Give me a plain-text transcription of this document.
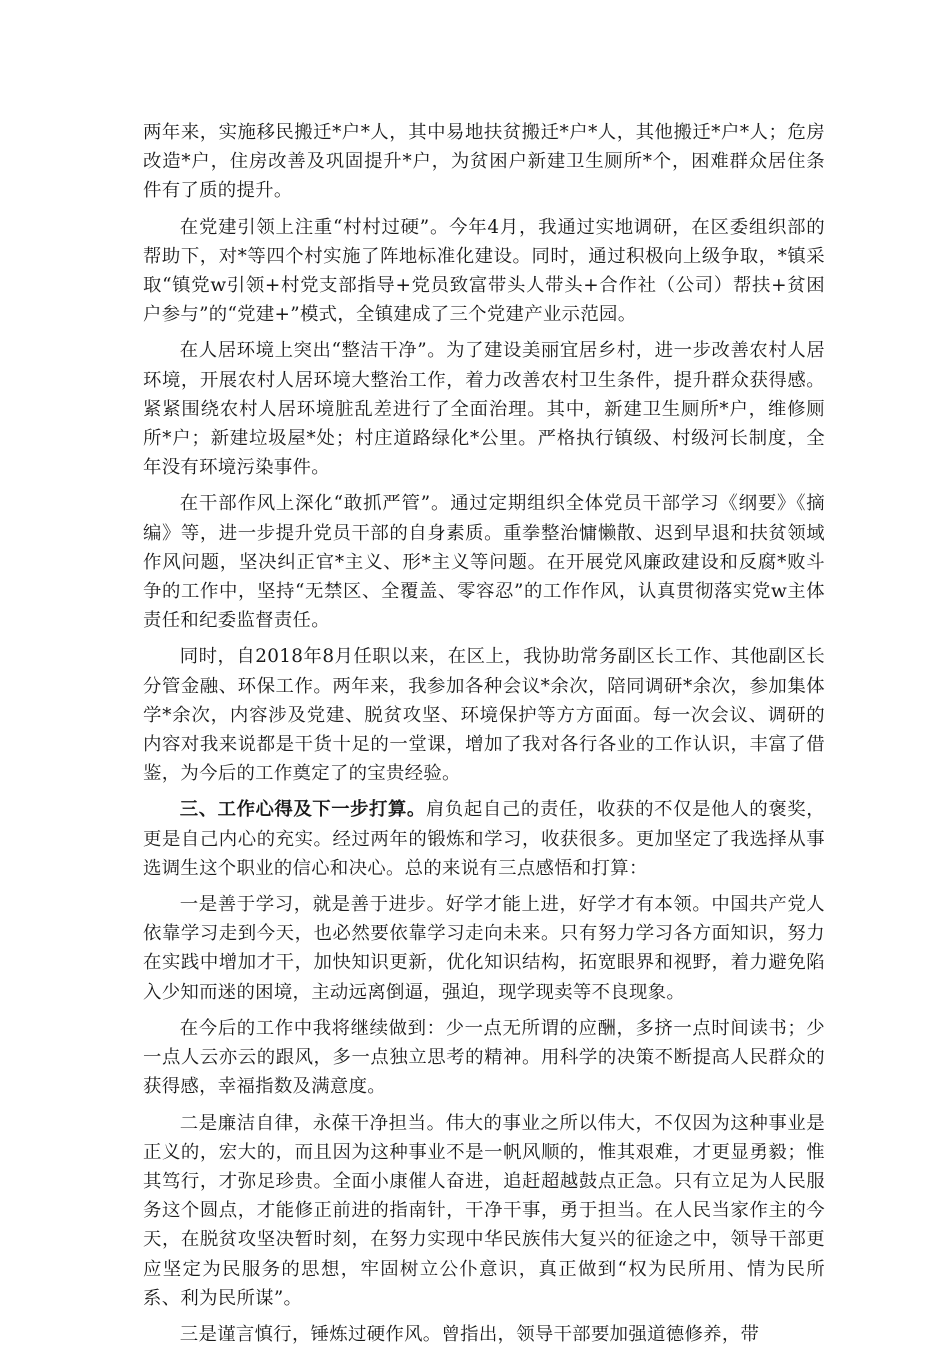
两年来，实施移民搬迁*户*人，其中易地扶贫搬迁*户*人，其他搬迁*户*人；危房改造*户，住房改善及巩固提升*户，为贫困户新建卫生厕所*个，困难群众居住条件有了质的提升。

在党建引领上注重“村村过硬”。今年4月，我通过实地调研，在区委组织部的帮助下，对*等四个村实施了阵地标准化建设。同时，通过积极向上级争取，*镇采取“镇党w引领+村党支部指导+党员致富带头人带头+合作社（公司）帮扶+贫困户参与”的“党建+”模式，全镇建成了三个党建产业示范园。

在人居环境上突出“整洁干净”。为了建设美丽宜居乡村，进一步改善农村人居环境，开展农村人居环境大整治工作，着力改善农村卫生条件，提升群众获得感。紧紧围绕农村人居环境脏乱差进行了全面治理。其中，新建卫生厕所*户，维修厕所*户；新建垃圾屋*处；村庄道路绿化*公里。严格执行镇级、村级河长制度，全年没有环境污染事件。

在干部作风上深化“敢抓严管”。通过定期组织全体党员干部学习《纲要》《摘编》等，进一步提升党员干部的自身素质。重拳整治慵懒散、迟到早退和扶贫领域作风问题，坚决纠正官*主义、形*主义等问题。在开展党风廉政建设和反腐*败斗争的工作中，坚持“无禁区、全覆盖、零容忍”的工作作风，认真贯彻落实党w主体责任和纪委监督责任。

同时，自2018年8月任职以来，在区上，我协助常务副区长工作、其他副区长分管金融、环保工作。两年来，我参加各种会议*余次，陪同调研*余次，参加集体学*余次，内容涉及党建、脱贫攻坚、环境保护等方方面面。每一次会议、调研的内容对我来说都是干货十足的一堂课，增加了我对各行各业的工作认识，丰富了借鉴，为今后的工作奠定了的宝贵经验。

三、工作心得及下一步打算。肩负起自己的责任，收获的不仅是他人的褒奖，更是自己内心的充实。经过两年的锻炼和学习，收获很多。更加坚定了我选择从事选调生这个职业的信心和决心。总的来说有三点感悟和打算：

一是善于学习，就是善于进步。好学才能上进，好学才有本领。中国共产党人依靠学习走到今天，也必然要依靠学习走向未来。只有努力学习各方面知识，努力在实践中增加才干，加快知识更新，优化知识结构，拓宽眼界和视野，着力避免陷入少知而迷的困境，主动远离倒逼，强迫，现学现卖等不良现象。

在今后的工作中我将继续做到：少一点无所谓的应酬，多挤一点时间读书；少一点人云亦云的跟风，多一点独立思考的精神。用科学的决策不断提高人民群众的获得感，幸福指数及满意度。

二是廉洁自律，永葆干净担当。伟大的事业之所以伟大，不仅因为这种事业是正义的，宏大的，而且因为这种事业不是一帆风顺的，惟其艰难，才更显勇毅；惟其笃行，才弥足珍贵。全面小康催人奋进，追赶超越鼓点正急。只有立足为人民服务这个圆点，才能修正前进的指南针，干净干事，勇于担当。在人民当家作主的今天，在脱贫攻坚决暂时刻，在努力实现中华民族伟大复兴的征途之中，领导干部更应坚定为民服务的思想，牢固树立公仆意识，真正做到“权为民所用、情为民所系、利为民所谋”。

三是谨言慎行，锤炼过硬作风。曾指出，领导干部要加强道德修养，带
